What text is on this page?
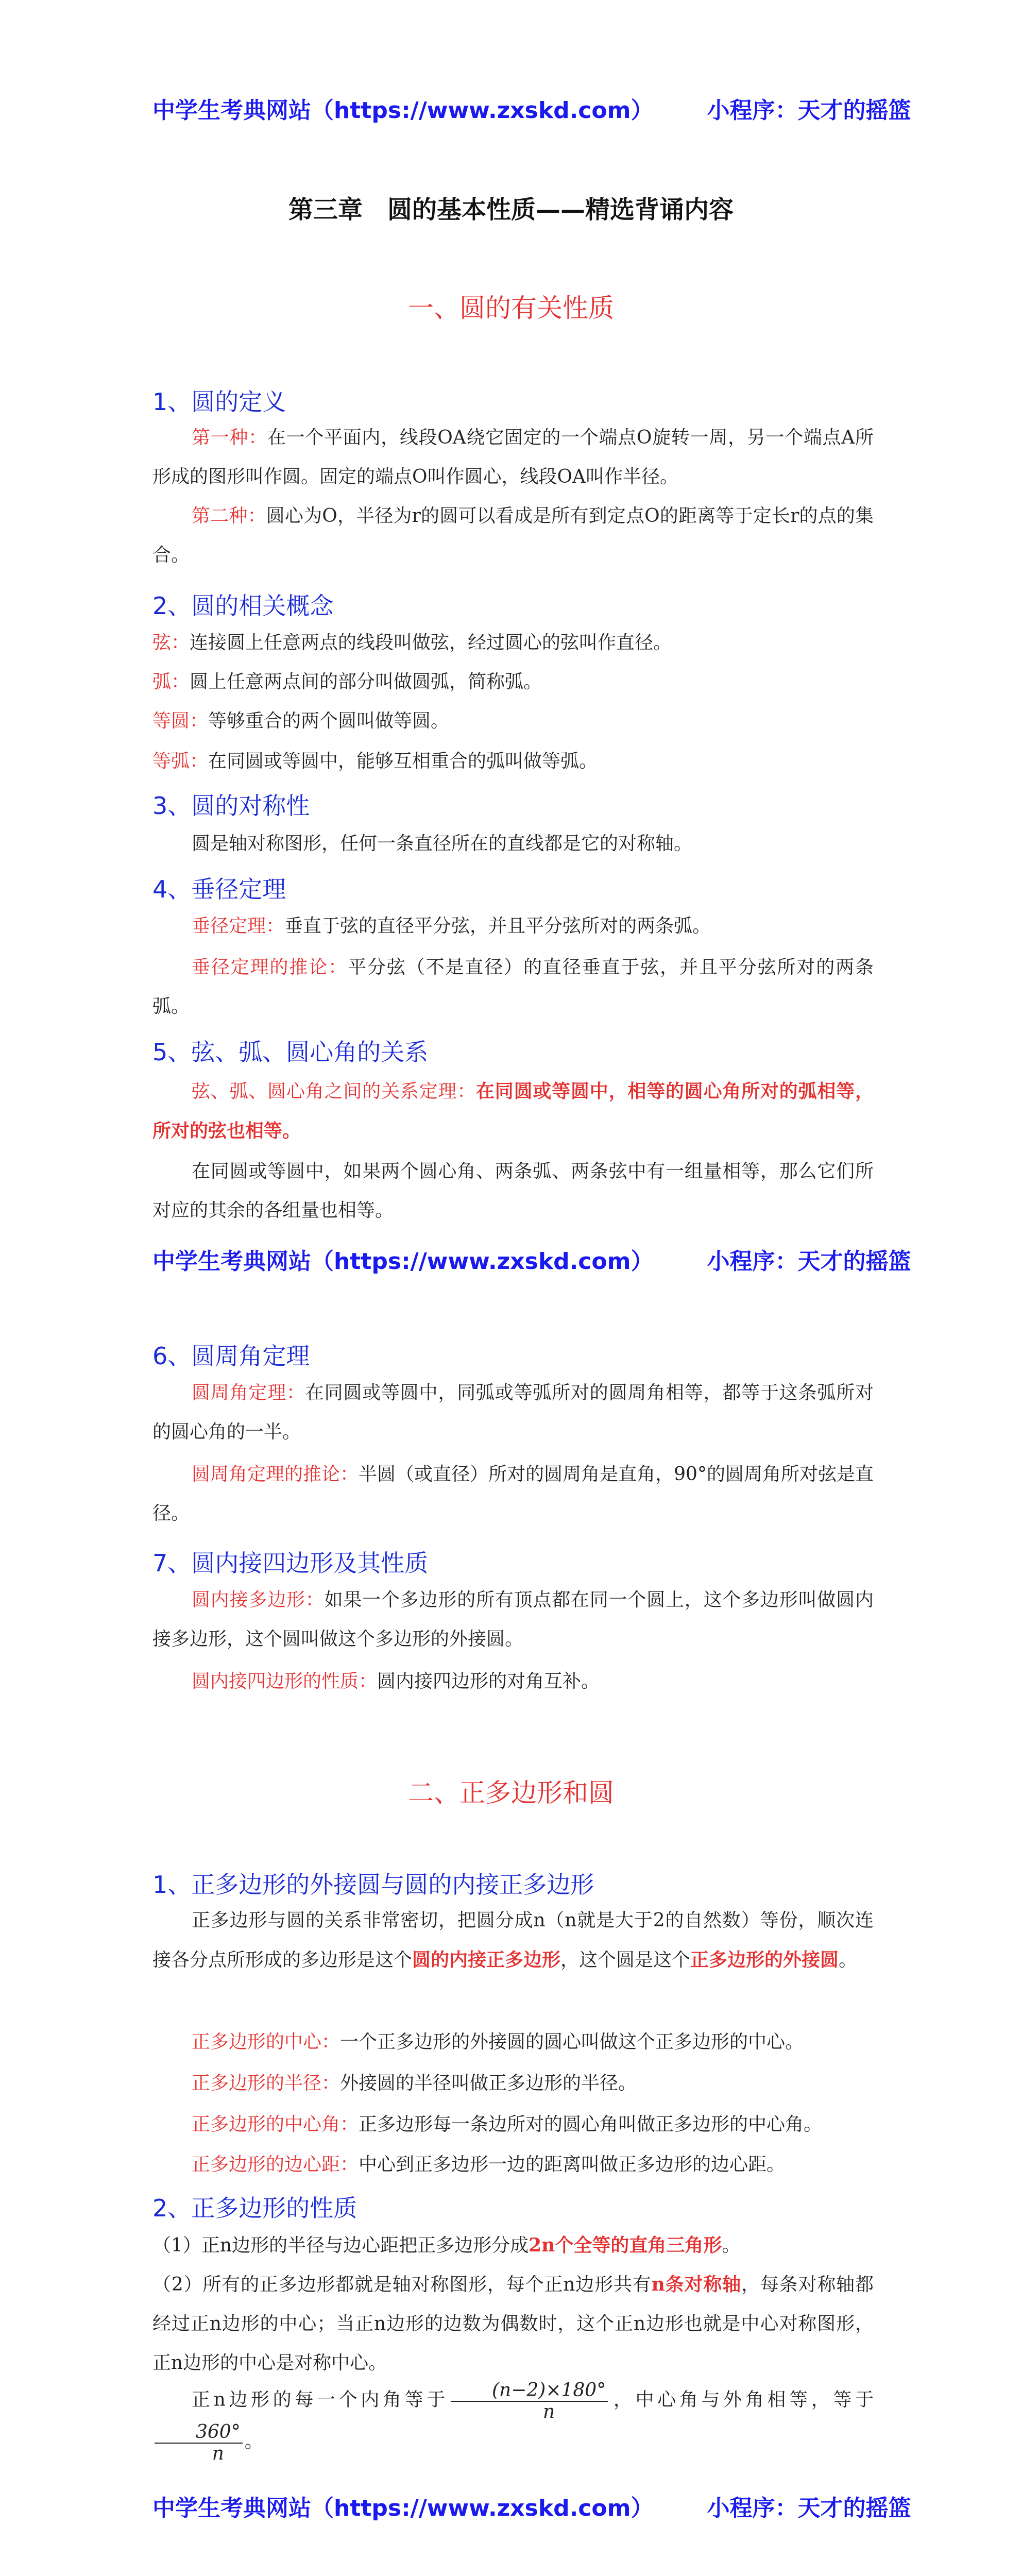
中学生考典网站（https://www.zxskd.com） 小程序：天才的摇篮
第三章　圆的基本性质——精选背诵内容
一、圆的有关性质
1、圆的定义
第一种：在一个平面内，线段OA绕它固定的一个端点O旋转一周，另一个端点A所形成的图形叫作圆。固定的端点O叫作圆心，线段OA叫作半径。
第二种：圆心为O，半径为r的圆可以看成是所有到定点O的距离等于定长r的点的集合。
2、圆的相关概念
弦：连接圆上任意两点的线段叫做弦，经过圆心的弦叫作直径。
弧：圆上任意两点间的部分叫做圆弧，简称弧。
等圆：等够重合的两个圆叫做等圆。
等弧：在同圆或等圆中，能够互相重合的弧叫做等弧。
3、圆的对称性
圆是轴对称图形，任何一条直径所在的直线都是它的对称轴。
4、垂径定理
垂径定理：垂直于弦的直径平分弦，并且平分弦所对的两条弧。
垂径定理的推论：平分弦（不是直径）的直径垂直于弦，并且平分弦所对的两条弧。
5、弦、弧、圆心角的关系
弦、弧、圆心角之间的关系定理：在同圆或等圆中，相等的圆心角所对的弧相等，所对的弦也相等。
在同圆或等圆中，如果两个圆心角、两条弧、两条弦中有一组量相等，那么它们所对应的其余的各组量也相等。
中学生考典网站（https://www.zxskd.com） 小程序：天才的摇篮
6、圆周角定理
圆周角定理：在同圆或等圆中，同弧或等弧所对的圆周角相等，都等于这条弧所对的圆心角的一半。
圆周角定理的推论：半圆（或直径）所对的圆周角是直角，90°的圆周角所对弦是直径。
7、圆内接四边形及其性质
圆内接多边形：如果一个多边形的所有顶点都在同一个圆上，这个多边形叫做圆内接多边形，这个圆叫做这个多边形的外接圆。
圆内接四边形的性质：圆内接四边形的对角互补。
二、正多边形和圆
1、正多边形的外接圆与圆的内接正多边形
正多边形与圆的关系非常密切，把圆分成n（n就是大于2的自然数）等份，顺次连接各分点所形成的多边形是这个圆的内接正多边形，这个圆是这个正多边形的外接圆。
正多边形的中心：一个正多边形的外接圆的圆心叫做这个正多边形的中心。
正多边形的半径：外接圆的半径叫做正多边形的半径。
正多边形的中心角：正多边形每一条边所对的圆心角叫做正多边形的中心角。
正多边形的边心距：中心到正多边形一边的距离叫做正多边形的边心距。
2、正多边形的性质
（1）正n边形的半径与边心距把正多边形分成2n个全等的直角三角形。
（2）所有的正多边形都就是轴对称图形，每个正n边形共有n条对称轴，每条对称轴都经过正n边形的中心；当正n边形的边数为偶数时，这个正n边形也就是中心对称图形，正n边形的中心是对称中心。
正n边形的每一个内角等于 $\frac{(n-2)\times 180^\circ}{n}$ ，中心角与外角相等，等于
$\frac{360^\circ}{n}$ 。
中学生考典网站（https://www.zxskd.com） 小程序：天才的摇篮
